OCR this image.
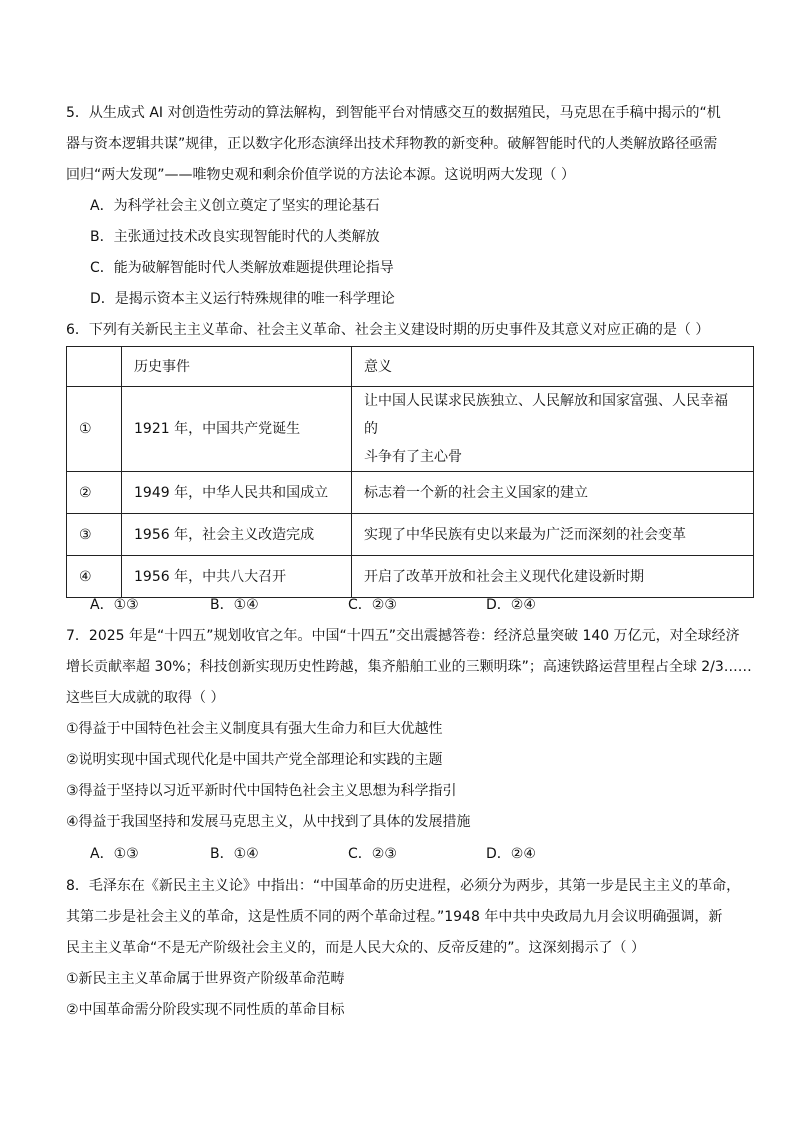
5．从生成式 AI 对创造性劳动的算法解构，到智能平台对情感交互的数据殖民，马克思在手稿中揭示的“机
器与资本逻辑共谋”规律，正以数字化形态演绎出技术拜物教的新变种。破解智能时代的人类解放路径亟需
回归“两大发现”——唯物史观和剩余价值学说的方法论本源。这说明两大发现（ ）
A．为科学社会主义创立奠定了坚实的理论基石
B．主张通过技术改良实现智能时代的人类解放
C．能为破解智能时代人类解放难题提供理论指导
D．是揭示资本主义运行特殊规律的唯一科学理论
6．下列有关新民主主义革命、社会主义革命、社会主义建设时期的历史事件及其意义对应正确的是（ ）
	历史事件	意义
①	1921 年，中国共产党诞生	让中国人民谋求民族独立、人民解放和国家富强、人民幸福的
斗争有了主心骨

②	1949 年，中华人民共和国成立	标志着一个新的社会主义国家的建立
③	1956 年，社会主义改造完成	实现了中华民族有史以来最为广泛而深刻的社会变革
④	1956 年，中共八大召开	开启了改革开放和社会主义现代化建设新时期
A．①③	B．①④	C．②③	D．②④
7．2025 年是“十四五”规划收官之年。中国“十四五”交出震撼答卷：经济总量突破 140 万亿元，对全球经济
增长贡献率超 30%；科技创新实现历史性跨越，集齐船舶工业的三颗明珠”；高速铁路运营里程占全球 2/3……
这些巨大成就的取得（ ）
①得益于中国特色社会主义制度具有强大生命力和巨大优越性
②说明实现中国式现代化是中国共产党全部理论和实践的主题
③得益于坚持以习近平新时代中国特色社会主义思想为科学指引
④得益于我国坚持和发展马克思主义，从中找到了具体的发展措施
A．①③	B．①④	C．②③	D．②④
8．毛泽东在《新民主主义论》中指出：“中国革命的历史进程，必须分为两步，其第一步是民主主义的革命，
其第二步是社会主义的革命，这是性质不同的两个革命过程。”1948 年中共中央政局九月会议明确强调，新
民主主义革命“不是无产阶级社会主义的，而是人民大众的、反帝反建的”。这深刻揭示了（ ）
①新民主主义革命属于世界资产阶级革命范畴
②中国革命需分阶段实现不同性质的革命目标
